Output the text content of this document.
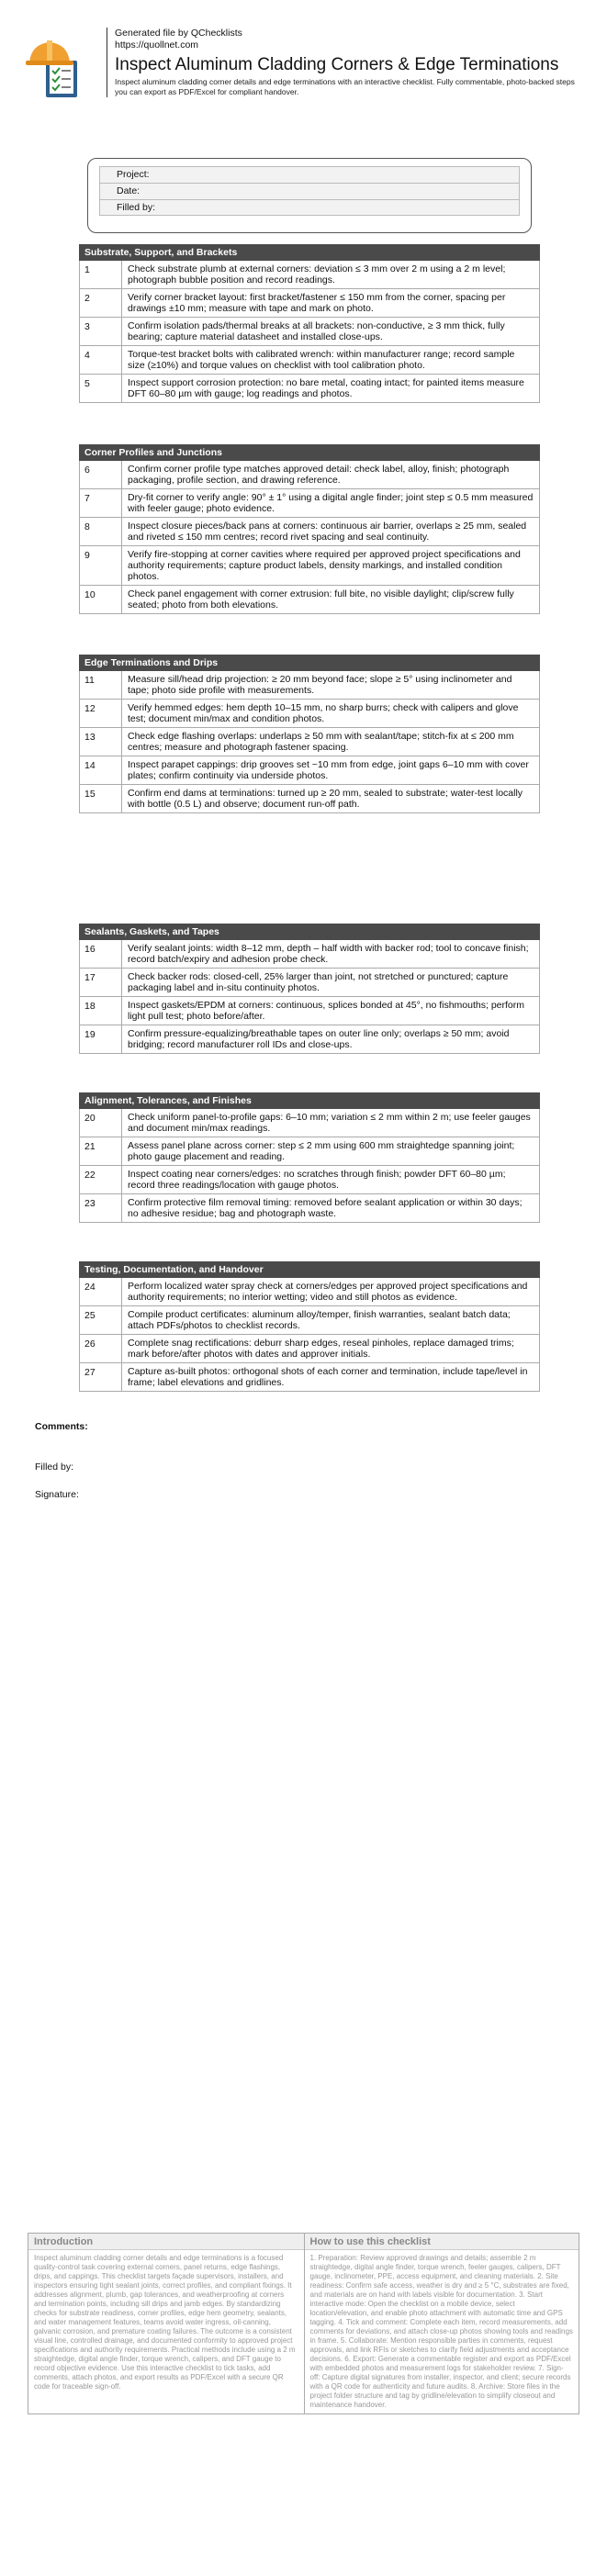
Generated file by QChecklists
https://quollnet.com
Inspect Aluminum Cladding Corners & Edge Terminations
Inspect aluminum cladding corner details and edge terminations with an interactive checklist. Fully commentable, photo-backed steps you can export as PDF/Excel for compliant handover.
Project:
Date:
Filled by:
Substrate, Support, and Brackets
1	Check substrate plumb at external corners: deviation ≤ 3 mm over 2 m using a 2 m level; photograph bubble position and record readings.
2	Verify corner bracket layout: first bracket/fastener ≤ 150 mm from the corner, spacing per drawings ±10 mm; measure with tape and mark on photo.
3	Confirm isolation pads/thermal breaks at all brackets: non-conductive, ≥ 3 mm thick, fully bearing; capture material datasheet and installed close-ups.
4	Torque-test bracket bolts with calibrated wrench: within manufacturer range; record sample size (≥10%) and torque values on checklist with tool calibration photo.
5	Inspect support corrosion protection: no bare metal, coating intact; for painted items measure DFT 60–80 µm with gauge; log readings and photos.
Corner Profiles and Junctions
6	Confirm corner profile type matches approved detail: check label, alloy, finish; photograph packaging, profile section, and drawing reference.
7	Dry-fit corner to verify angle: 90° ± 1° using a digital angle finder; joint step ≤ 0.5 mm measured with feeler gauge; photo evidence.
8	Inspect closure pieces/back pans at corners: continuous air barrier, overlaps ≥ 25 mm, sealed and riveted ≤ 150 mm centres; record rivet spacing and seal continuity.
9	Verify fire-stopping at corner cavities where required per approved project specifications and authority requirements; capture product labels, density markings, and installed condition photos.
10	Check panel engagement with corner extrusion: full bite, no visible daylight; clip/screw fully seated; photo from both elevations.
Edge Terminations and Drips
11	Measure sill/head drip projection: ≥ 20 mm beyond face; slope ≥ 5° using inclinometer and tape; photo side profile with measurements.
12	Verify hemmed edges: hem depth 10–15 mm, no sharp burrs; check with calipers and glove test; document min/max and condition photos.
13	Check edge flashing overlaps: underlaps ≥ 50 mm with sealant/tape; stitch-fix at ≤ 200 mm centres; measure and photograph fastener spacing.
14	Inspect parapet cappings: drip grooves set ~10 mm from edge, joint gaps 6–10 mm with cover plates; confirm continuity via underside photos.
15	Confirm end dams at terminations: turned up ≥ 20 mm, sealed to substrate; water-test locally with bottle (0.5 L) and observe; document run-off path.
Sealants, Gaskets, and Tapes
16	Verify sealant joints: width 8–12 mm, depth – half width with backer rod; tool to concave finish; record batch/expiry and adhesion probe check.
17	Check backer rods: closed-cell, 25% larger than joint, not stretched or punctured; capture packaging label and in-situ continuity photos.
18	Inspect gaskets/EPDM at corners: continuous, splices bonded at 45°, no fishmouths; perform light pull test; photo before/after.
19	Confirm pressure-equalizing/breathable tapes on outer line only; overlaps ≥ 50 mm; avoid bridging; record manufacturer roll IDs and close-ups.
Alignment, Tolerances, and Finishes
20	Check uniform panel-to-profile gaps: 6–10 mm; variation ≤ 2 mm within 2 m; use feeler gauges and document min/max readings.
21	Assess panel plane across corner: step ≤ 2 mm using 600 mm straightedge spanning joint; photo gauge placement and reading.
22	Inspect coating near corners/edges: no scratches through finish; powder DFT 60–80 µm; record three readings/location with gauge photos.
23	Confirm protective film removal timing: removed before sealant application or within 30 days; no adhesive residue; bag and photograph waste.
Testing, Documentation, and Handover
24	Perform localized water spray check at corners/edges per approved project specifications and authority requirements; no interior wetting; video and still photos as evidence.
25	Compile product certificates: aluminum alloy/temper, finish warranties, sealant batch data; attach PDFs/photos to checklist records.
26	Complete snag rectifications: deburr sharp edges, reseal pinholes, replace damaged trims; mark before/after photos with dates and approver initials.
27	Capture as-built photos: orthogonal shots of each corner and termination, include tape/level in frame; label elevations and gridlines.
Comments:
Filled by:
Signature:
Introduction
Inspect aluminum cladding corner details and edge terminations is a focused quality-control task covering external corners, panel returns, edge flashings, drips, and cappings. This checklist targets façade supervisors, installers, and inspectors ensuring tight sealant joints, correct profiles, and compliant fixings. It addresses alignment, plumb, gap tolerances, and weatherproofing at corners and termination points, including sill drips and jamb edges. By standardizing checks for substrate readiness, corner profiles, edge hem geometry, sealants, and water management features, teams avoid water ingress, oil-canning, galvanic corrosion, and premature coating failures. The outcome is a consistent visual line, controlled drainage, and documented conformity to approved project specifications and authority requirements. Practical methods include using a 2 m straightedge, digital angle finder, torque wrench, calipers, and DFT gauge to record objective evidence. Use this interactive checklist to tick tasks, add comments, attach photos, and export results as PDF/Excel with a secure QR code for traceable sign-off.
How to use this checklist
1. Preparation: Review approved drawings and details; assemble 2 m straightedge, digital angle finder, torque wrench, feeler gauges, calipers, DFT gauge, inclinometer, PPE, access equipment, and cleaning materials. 2. Site readiness: Confirm safe access, weather is dry and ≥ 5 °C, substrates are fixed, and materials are on hand with labels visible for documentation. 3. Start interactive mode: Open the checklist on a mobile device, select location/elevation, and enable photo attachment with automatic time and GPS tagging. 4. Tick and comment: Complete each item, record measurements, add comments for deviations, and attach close-up photos showing tools and readings in frame. 5. Collaborate: Mention responsible parties in comments, request approvals, and link RFIs or sketches to clarify field adjustments and acceptance decisions. 6. Export: Generate a commentable register and export as PDF/Excel with embedded photos and measurement logs for stakeholder review. 7. Sign-off: Capture digital signatures from installer, inspector, and client; secure records with a QR code for authenticity and future audits. 8. Archive: Store files in the project folder structure and tag by gridline/elevation to simplify closeout and maintenance handover.
